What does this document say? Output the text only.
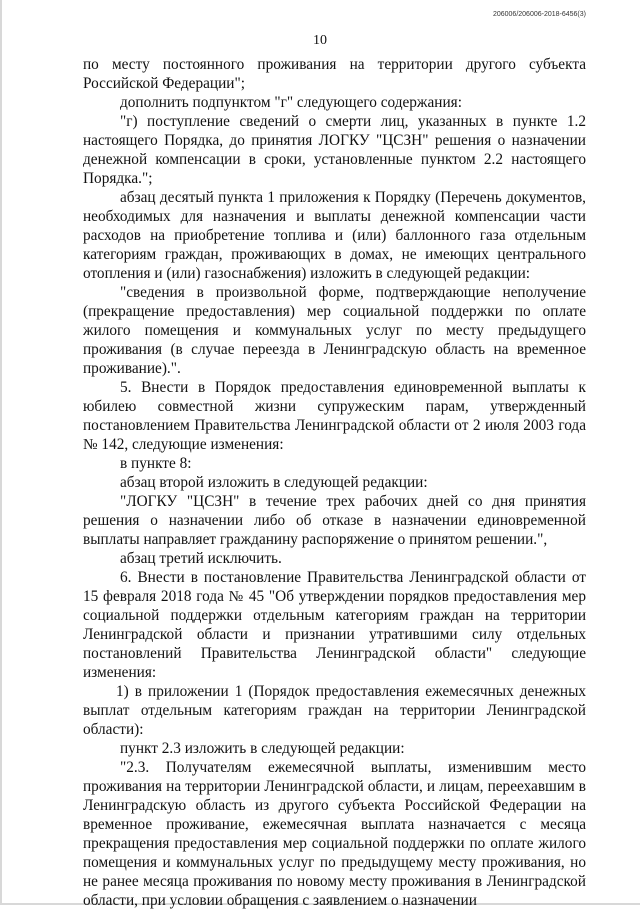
206006/206006-2018-6456(3)
10

по месту постоянного проживания на территории другого субъекта Российской Федерации";

дополнить подпунктом "г" следующего содержания:

"г) поступление сведений о смерти лиц, указанных в пункте 1.2 настоящего Порядка, до принятия ЛОГКУ "ЦСЗН" решения о назначении денежной компенсации в сроки, установленные пунктом 2.2 настоящего Порядка.";

абзац десятый пункта 1 приложения к Порядку (Перечень документов, необходимых для назначения и выплаты денежной компенсации части расходов на приобретение топлива и (или) баллонного газа отдельным категориям граждан, проживающих в домах, не имеющих центрального отопления и (или) газоснабжения) изложить в следующей редакции:

"сведения в произвольной форме, подтверждающие неполучение (прекращение предоставления) мер социальной поддержки по оплате жилого помещения и коммунальных услуг по месту предыдущего проживания (в случае переезда в Ленинградскую область на временное проживание).".

5. Внести в Порядок предоставления единовременной выплаты к юбилею совместной жизни супружеским парам, утвержденный постановлением Правительства Ленинградской области от 2 июля 2003 года № 142, следующие изменения:

в пункте 8:

абзац второй изложить в следующей редакции:

"ЛОГКУ "ЦСЗН" в течение трех рабочих дней со дня принятия решения о назначении либо об отказе в назначении единовременной выплаты направляет гражданину распоряжение о принятом решении.",

абзац третий исключить.

6. Внести в постановление Правительства Ленинградской области от 15 февраля 2018 года № 45 "Об утверждении порядков предоставления мер социальной поддержки отдельным категориям граждан на территории Ленинградской области и признании утратившими силу отдельных постановлений Правительства Ленинградской области" следующие изменения:

1) в приложении 1 (Порядок предоставления ежемесячных денежных выплат отдельным категориям граждан на территории Ленинградской области):

пункт 2.3 изложить в следующей редакции:

"2.3. Получателям ежемесячной выплаты, изменившим место проживания на территории Ленинградской области, и лицам, переехавшим в Ленинградскую область из другого субъекта Российской Федерации на временное проживание, ежемесячная выплата назначается с месяца прекращения предоставления мер социальной поддержки по оплате жилого помещения и коммунальных услуг по предыдущему месту проживания, но не ранее месяца проживания по новому месту проживания в Ленинградской области, при условии обращения с заявлением о назначении
